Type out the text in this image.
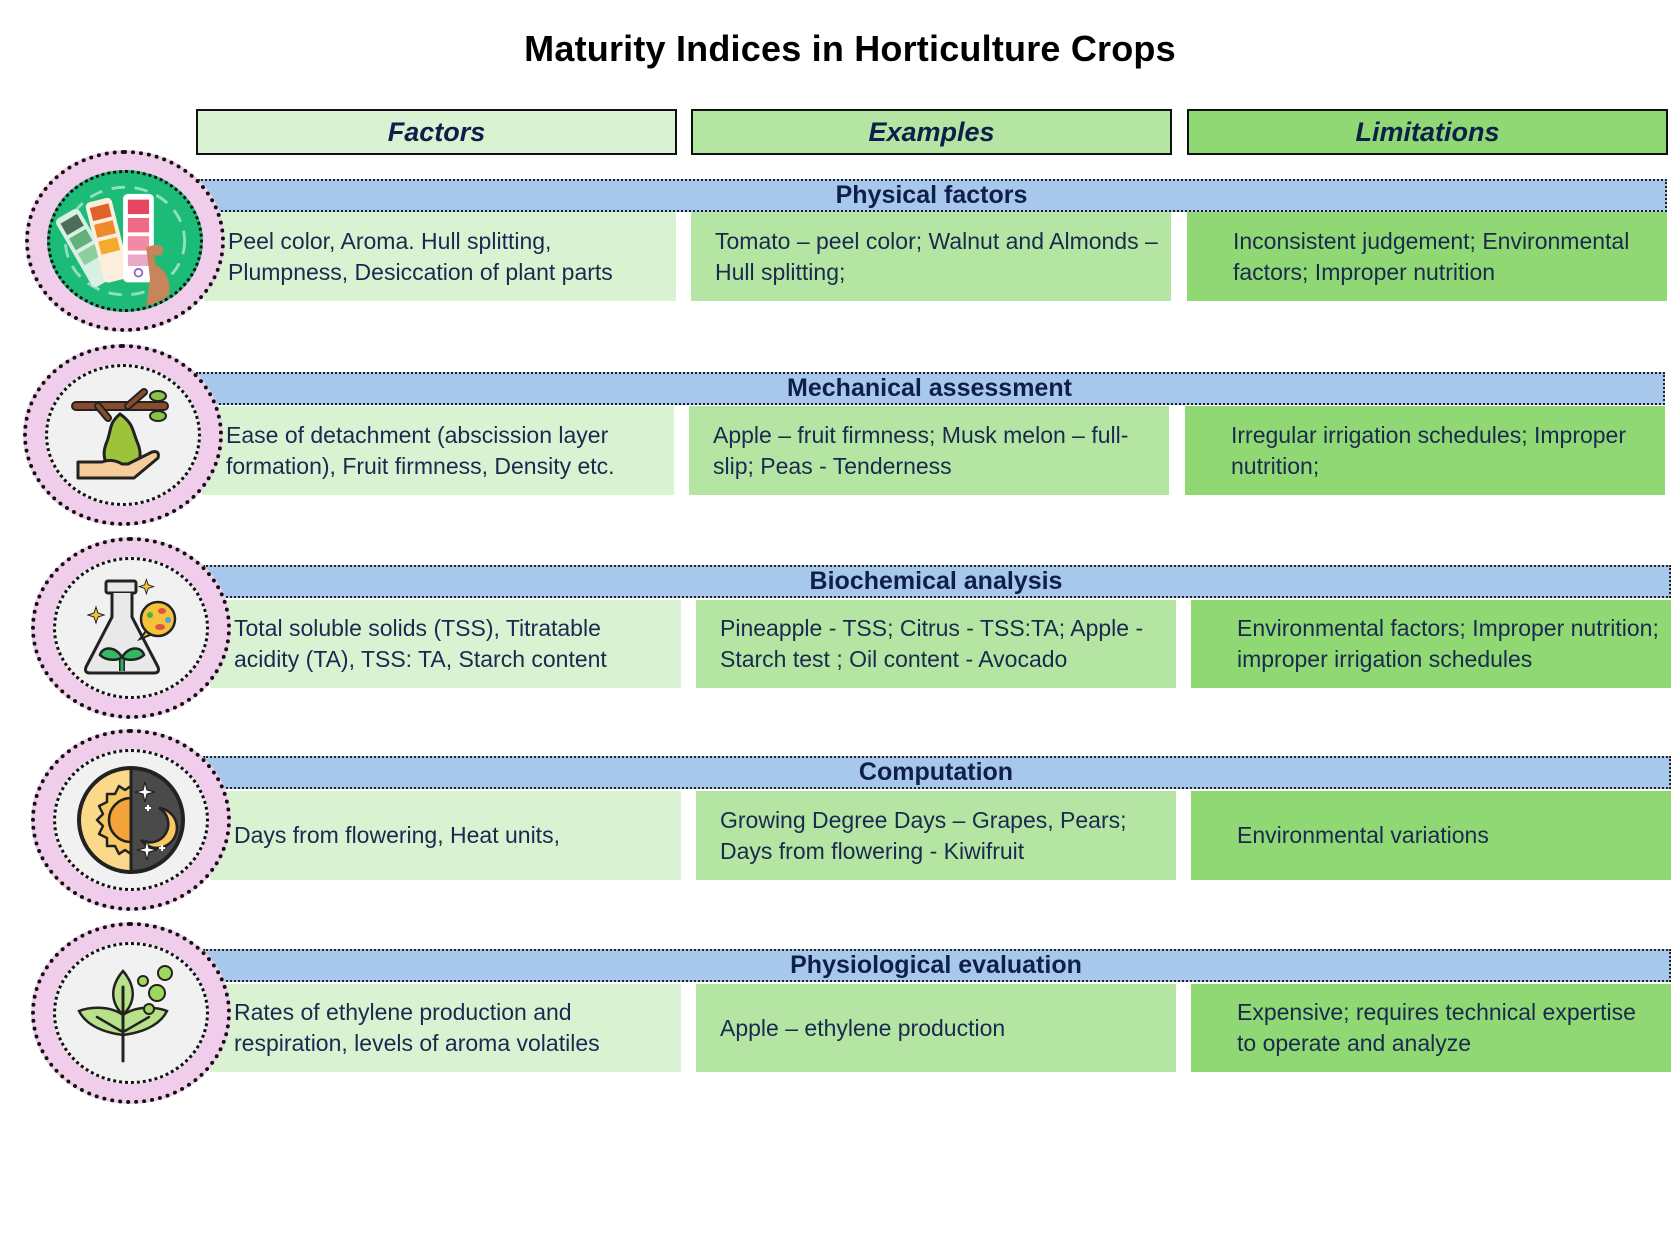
Maturity Indices in Horticulture Crops
Factors	Examples	Limitations
Physical factors
Peel color, Aroma. Hull splitting, Plumpness, Desiccation of plant parts
Tomato – peel color; Walnut and Almonds – Hull splitting;
Inconsistent judgement; Environmental factors; Improper nutrition
Mechanical assessment
Ease of detachment (abscission layer formation), Fruit firmness, Density etc.
Apple – fruit firmness; Musk melon – full-slip; Peas - Tenderness
Irregular irrigation schedules; Improper nutrition;
Biochemical analysis
Total soluble solids (TSS), Titratable acidity (TA), TSS: TA, Starch content
Pineapple - TSS; Citrus - TSS:TA; Apple - Starch test ; Oil content - Avocado
Environmental factors; Improper nutrition; improper irrigation schedules
Computation
Days from flowering, Heat units,
Growing Degree Days – Grapes, Pears; Days from flowering - Kiwifruit
Environmental variations
Physiological evaluation
Rates of ethylene production and respiration, levels of aroma volatiles
Apple – ethylene production
Expensive; requires technical expertise to operate and analyze
